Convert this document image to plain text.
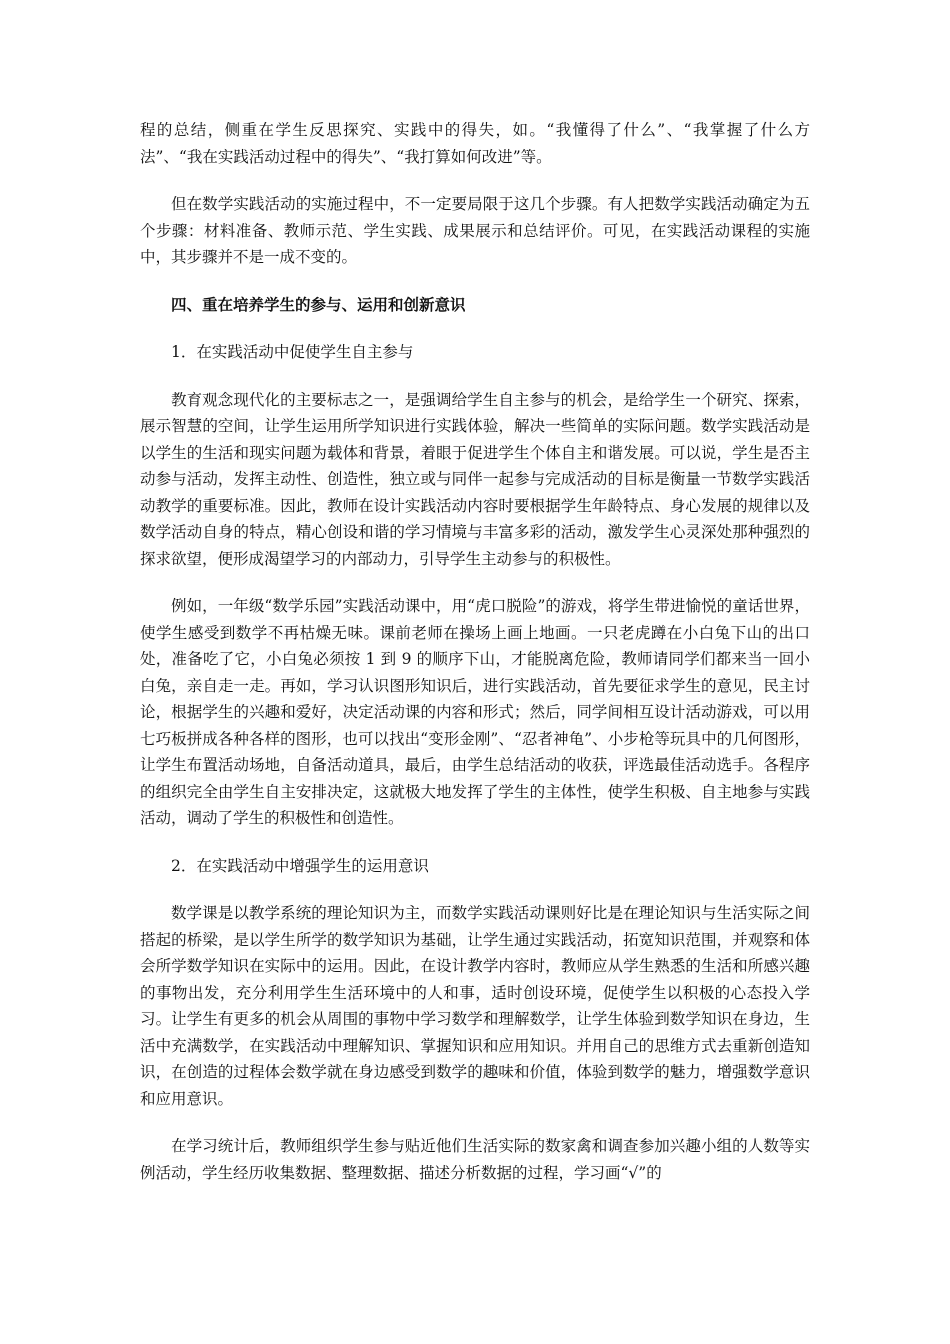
程的总结，侧重在学生反思探究、实践中的得失，如。“我懂得了什么”、“我掌握了什么方法”、“我在实践活动过程中的得失”、“我打算如何改进”等。

但在数学实践活动的实施过程中，不一定要局限于这几个步骤。有人把数学实践活动确定为五个步骤：材料准备、教师示范、学生实践、成果展示和总结评价。可见，在实践活动课程的实施中，其步骤并不是一成不变的。

四、重在培养学生的参与、运用和创新意识

1．在实践活动中促使学生自主参与

教育观念现代化的主要标志之一，是强调给学生自主参与的机会，是给学生一个研究、探索，展示智慧的空间，让学生运用所学知识进行实践体验，解决一些简单的实际问题。数学实践活动是以学生的生活和现实问题为载体和背景，着眼于促进学生个体自主和谐发展。可以说，学生是否主动参与活动，发挥主动性、创造性，独立或与同伴一起参与完成活动的目标是衡量一节数学实践活动教学的重要标准。因此，教师在设计实践活动内容时要根据学生年龄特点、身心发展的规律以及数学活动自身的特点，精心创设和谐的学习情境与丰富多彩的活动，激发学生心灵深处那种强烈的探求欲望，便形成渴望学习的内部动力，引导学生主动参与的积极性。

例如，一年级“数学乐园”实践活动课中，用“虎口脱险”的游戏，将学生带进愉悦的童话世界，使学生感受到数学不再枯燥无味。课前老师在操场上画上地画。一只老虎蹲在小白兔下山的出口处，准备吃了它，小白兔必须按 1 到 9 的顺序下山，才能脱离危险，教师请同学们都来当一回小白兔，亲自走一走。再如，学习认识图形知识后，进行实践活动，首先要征求学生的意见，民主讨论，根据学生的兴趣和爱好，决定活动课的内容和形式；然后，同学间相互设计活动游戏，可以用七巧板拼成各种各样的图形，也可以找出“变形金刚”、“忍者神龟”、小步枪等玩具中的几何图形，让学生布置活动场地，自备活动道具，最后，由学生总结活动的收获，评选最佳活动选手。各程序的组织完全由学生自主安排决定，这就极大地发挥了学生的主体性，使学生积极、自主地参与实践活动，调动了学生的积极性和创造性。

2．在实践活动中增强学生的运用意识

数学课是以教学系统的理论知识为主，而数学实践活动课则好比是在理论知识与生活实际之间搭起的桥梁，是以学生所学的数学知识为基础，让学生通过实践活动，拓宽知识范围，并观察和体会所学数学知识在实际中的运用。因此，在设计教学内容时，教师应从学生熟悉的生活和所感兴趣的事物出发，充分利用学生生活环境中的人和事，适时创设环境，促使学生以积极的心态投入学习。让学生有更多的机会从周围的事物中学习数学和理解数学，让学生体验到数学知识在身边，生活中充满数学，在实践活动中理解知识、掌握知识和应用知识。并用自己的思维方式去重新创造知识，在创造的过程体会数学就在身边感受到数学的趣味和价值，体验到数学的魅力，增强数学意识和应用意识。

在学习统计后，教师组织学生参与贴近他们生活实际的数家禽和调查参加兴趣小组的人数等实例活动，学生经历收集数据、整理数据、描述分析数据的过程，学习画“√”的
